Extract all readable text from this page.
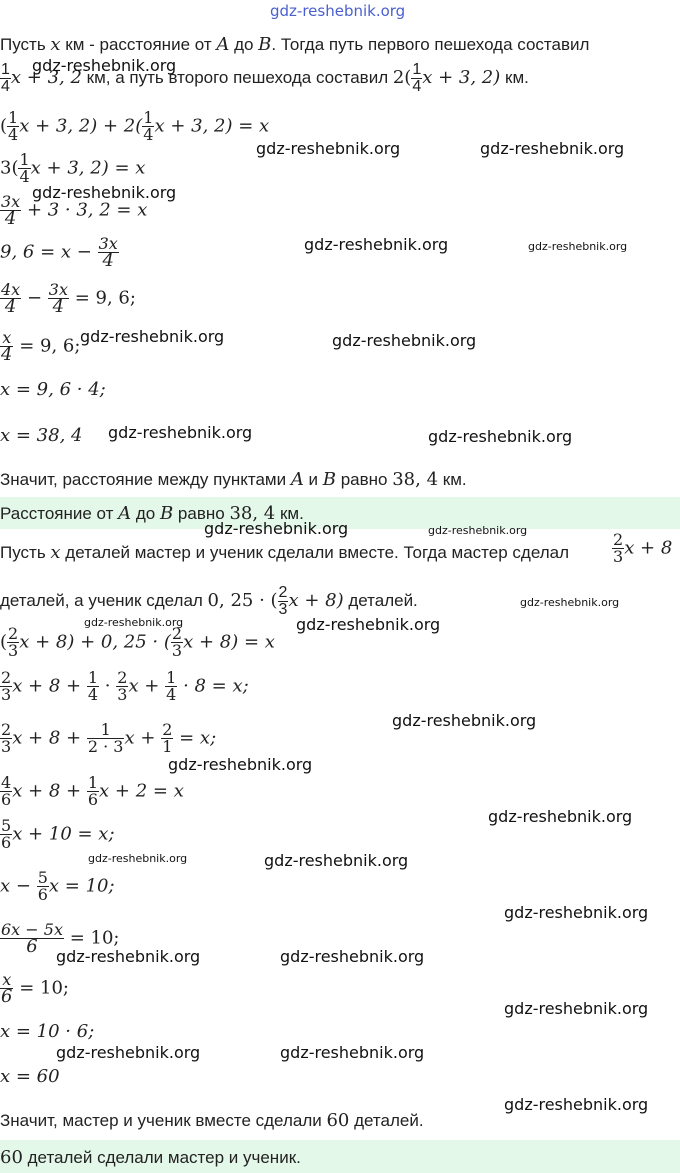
gdz-reshebnik.org
Пусть x км - расстояние от A до B. Тогда путь первого пешехода составил
$\frac{1}{4}$ x + 3, 2 км, а путь второго пешехода составил $2( \frac{1}{4}$ x + 3, 2) км.
( $\frac{1}{4}$ x + 3, $2) + 2( \frac{1}{4}$ x + 3, 2) = x
$3( \frac{1}{4}$ x + 3, 2) = x
$\frac{3x}{4} + 3 \cdot 3$, 2 = x
9, $6 = x - \frac{3x}{4}$
$\frac{4x}{4} - \frac{3x}{4} = 9$, 6;
$\frac{x}{4} = 9$, 6;
x = 9, 6 · 4;
x = 38, 4
Значит, расстояние между пунктами A и B равно 38, 4 км.
Расстояние от A до B равно 38, 4 км.
Пусть x деталей мастер и ученик сделали вместе. Тогда мастер сделал	$\frac{2}{3}$ x + 8
деталей, а ученик сделал 0, 25 · ( $\frac{2}{3}$ x + 8) деталей.
( $\frac{2}{3}$ x + 8) + 0, 25 · ( $\frac{2}{3}$ x + 8) = x
$\frac{2}{3}$ $x + 8 + \frac{1}{4} \cdot \frac{2}{3}$ $x + \frac{1}{4} \cdot 8 = x$;
$\frac{2}{3}$ $x + 8 + \frac{1}{2 \cdot 3}$ $x + \frac{2}{1} = x$;
$\frac{4}{6}$ $x + 8 + \frac{1}{6}$ x + 2 = x
$\frac{5}{6}$ x + 10 = x;
$x - \frac{5}{6}$ x = 10;
$\frac{6x - 5x}{6} = 10$;
$\frac{x}{6} = 10$;
x = 10 · 6;
x = 60
Значит, мастер и ученик вместе сделали 60 деталей.
60 деталей сделали мастер и ученик.
gdz-reshebnik.org
gdz-reshebnik.org	gdz-reshebnik.org
gdz-reshebnik.org
gdz-reshebnik.org	gdz-reshebnik.org
gdz-reshebnik.org	gdz-reshebnik.org
gdz-reshebnik.org	gdz-reshebnik.org
gdz-reshebnik.org	gdz-reshebnik.org
gdz-reshebnik.org
gdz-reshebnik.org	gdz-reshebnik.org
gdz-reshebnik.org
gdz-reshebnik.org
gdz-reshebnik.org
gdz-reshebnik.org	gdz-reshebnik.org
gdz-reshebnik.org
gdz-reshebnik.org	gdz-reshebnik.org
gdz-reshebnik.org
gdz-reshebnik.org	gdz-reshebnik.org
gdz-reshebnik.org
